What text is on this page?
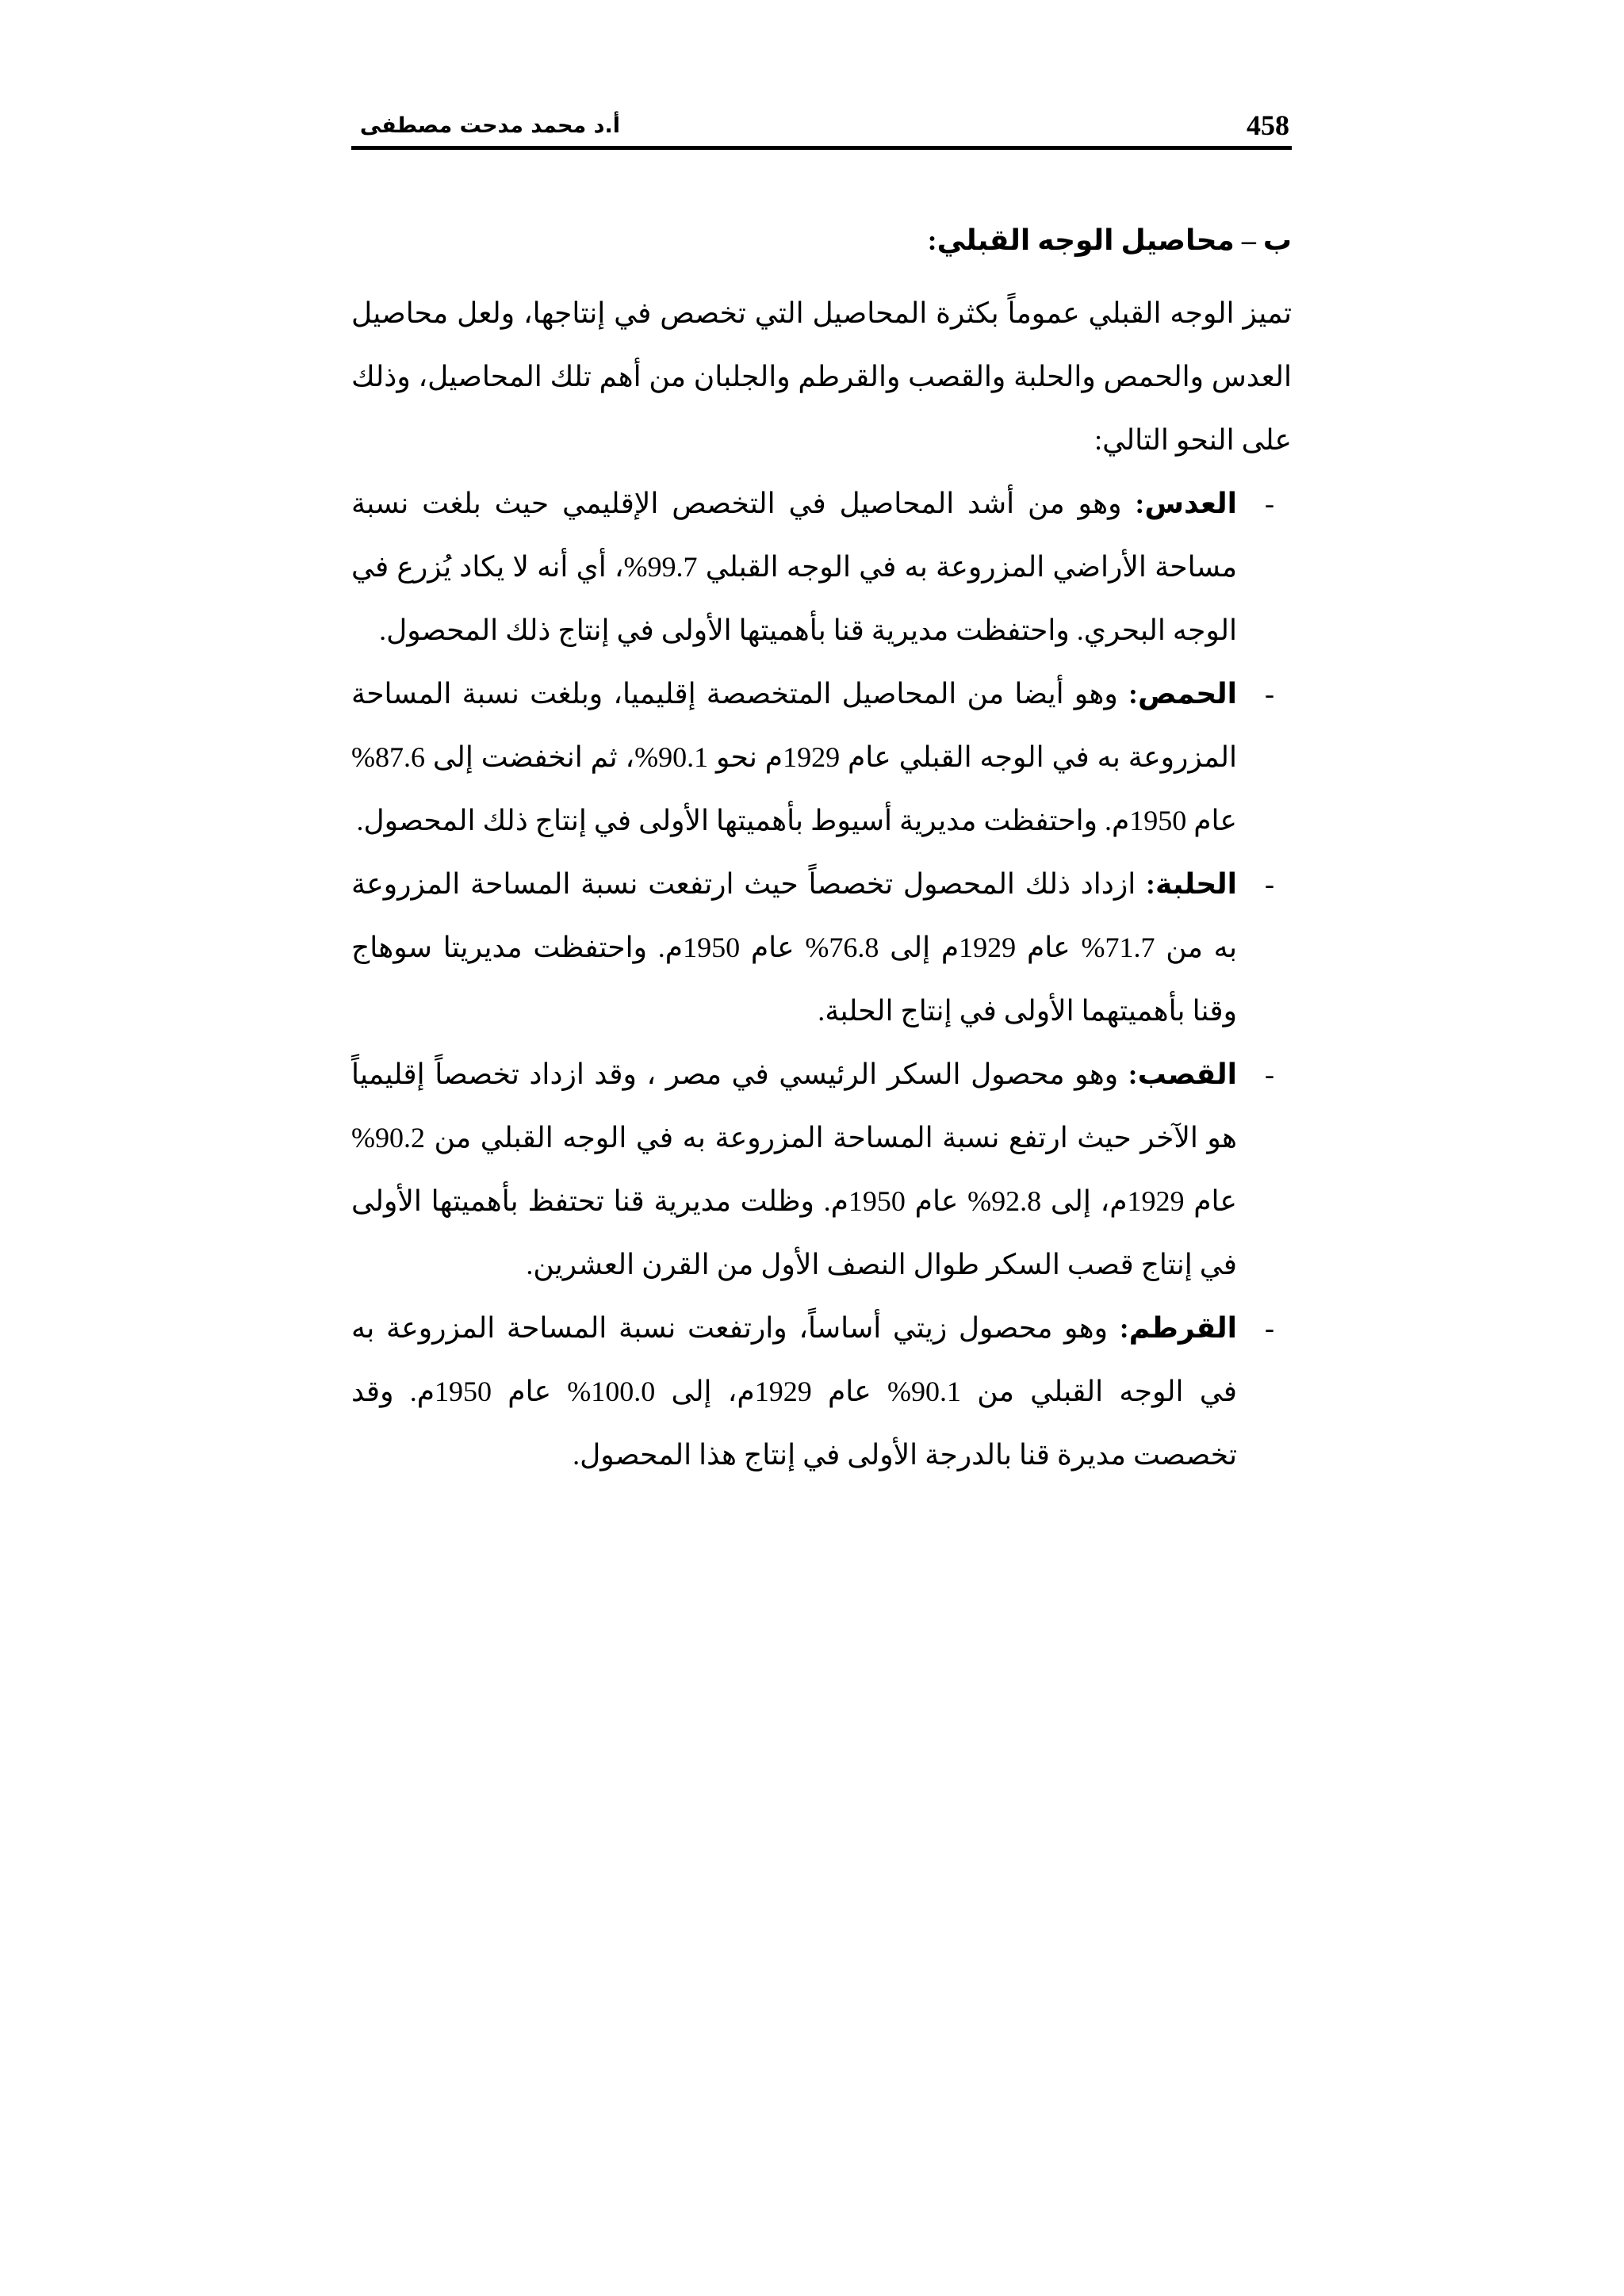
458
أ.د محمد مدحت مصطفى
ب – محاصيل الوجه القبلي:

تميز الوجه القبلي عموماً بكثرة المحاصيل التي تخصص في إنتاجها، ولعل محاصيل العدس والحمص والحلبة والقصب والقرطم والجلبان من أهم تلك المحاصيل، وذلك على النحو التالي:

-
العدس: وهو من أشد المحاصيل في التخصص الإقليمي حيث بلغت نسبة مساحة الأراضي المزروعة به في الوجه القبلي 99.7%، أي أنه لا يكاد يُزرع في الوجه البحري. واحتفظت مديرية قنا بأهميتها الأولى في إنتاج ذلك المحصول.
-
الحمص: وهو أيضا من المحاصيل المتخصصة إقليميا، وبلغت نسبة المساحة المزروعة به في الوجه القبلي عام 1929م نحو 90.1%، ثم انخفضت إلى 87.6% عام 1950م. واحتفظت مديرية أسيوط بأهميتها الأولى في إنتاج ذلك المحصول.
-
الحلبة: ازداد ذلك المحصول تخصصاً حيث ارتفعت نسبة المساحة المزروعة به من 71.7% عام 1929م إلى 76.8% عام 1950م. واحتفظت مديريتا سوهاج وقنا بأهميتهما الأولى في إنتاج الحلبة.
-
القصب: وهو محصول السكر الرئيسي في مصر ، وقد ازداد تخصصاً إقليمياً هو الآخر حيث ارتفع نسبة المساحة المزروعة به في الوجه القبلي من 90.2% عام 1929م، إلى 92.8% عام 1950م. وظلت مديرية قنا تحتفظ بأهميتها الأولى في إنتاج قصب السكر طوال النصف الأول من القرن العشرين.
-
القرطم: وهو محصول زيتي أساساً، وارتفعت نسبة المساحة المزروعة به في الوجه القبلي من 90.1% عام 1929م، إلى 100.0% عام 1950م. وقد تخصصت مديرة قنا بالدرجة الأولى في إنتاج هذا المحصول.
